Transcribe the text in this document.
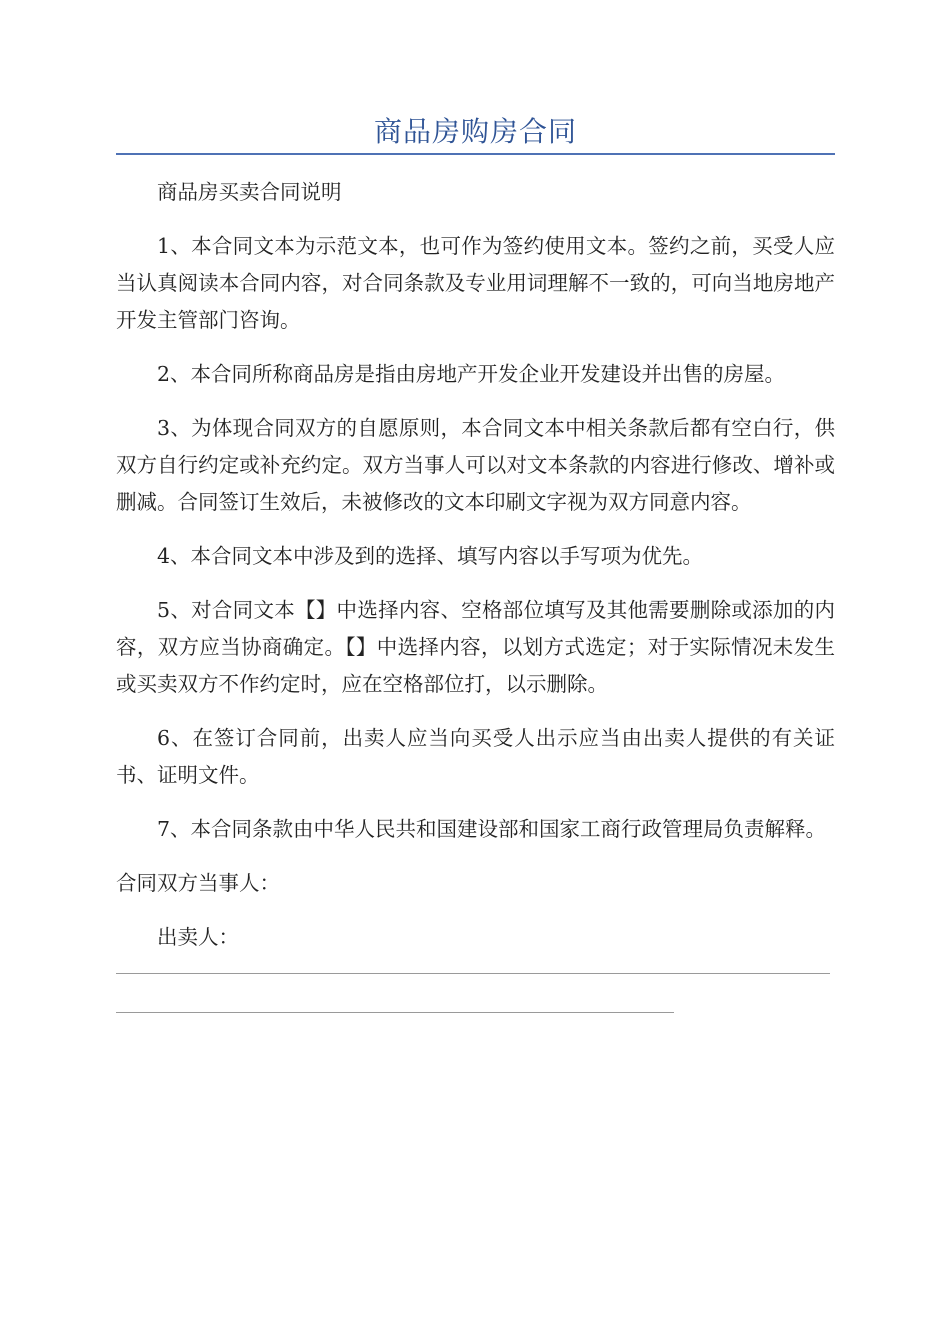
商品房购房合同

商品房买卖合同说明

1、本合同文本为示范文本，也可作为签约使用文本。签约之前，买受人应当认真阅读本合同内容，对合同条款及专业用词理解不一致的，可向当地房地产开发主管部门咨询。

2、本合同所称商品房是指由房地产开发企业开发建设并出售的房屋。

3、为体现合同双方的自愿原则，本合同文本中相关条款后都有空白行，供双方自行约定或补充约定。双方当事人可以对文本条款的内容进行修改、增补或删减。合同签订生效后，未被修改的文本印刷文字视为双方同意内容。

4、本合同文本中涉及到的选择、填写内容以手写项为优先。

5、对合同文本【】中选择内容、空格部位填写及其他需要删除或添加的内容，双方应当协商确定。【】中选择内容，以划方式选定；对于实际情况未发生或买卖双方不作约定时，应在空格部位打，以示删除。

6、在签订合同前，出卖人应当向买受人出示应当由出卖人提供的有关证书、证明文件。

7、本合同条款由中华人民共和国建设部和国家工商行政管理局负责解释。

合同双方当事人：

出卖人：
